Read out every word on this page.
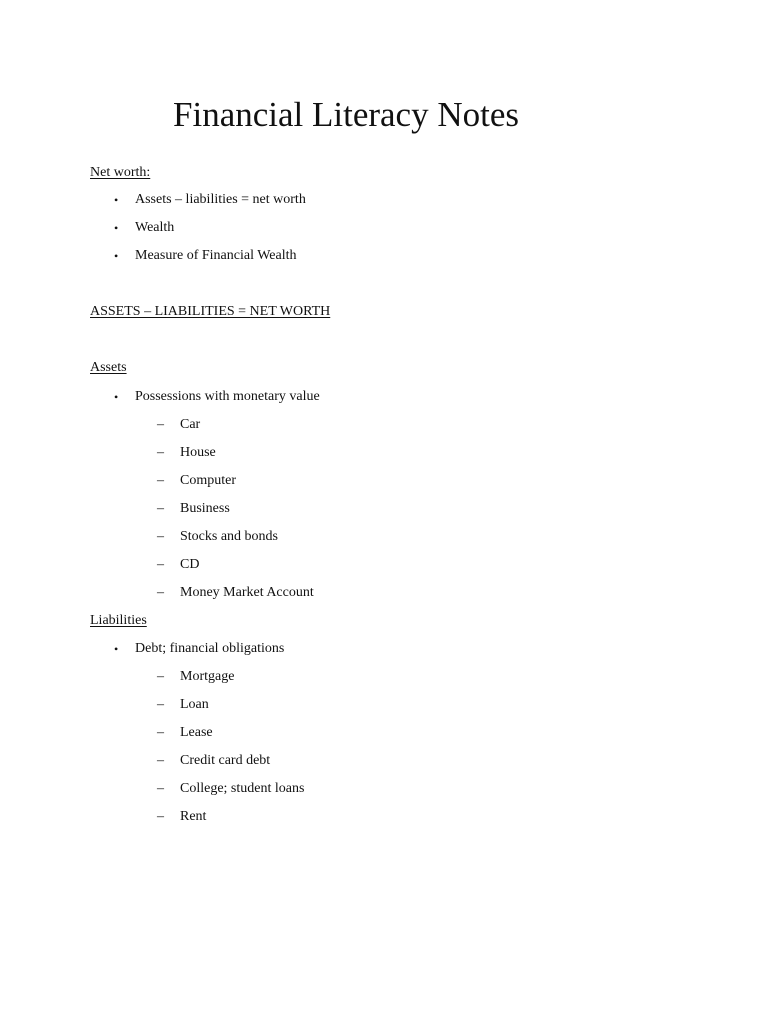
Financial Literacy Notes
Net worth:
• Assets – liabilities = net worth
• Wealth
• Measure of Financial Wealth
ASSETS – LIABILITIES = NET WORTH
Assets
• Possessions with monetary value
– Car
– House
– Computer
– Business
– Stocks and bonds
– CD
– Money Market Account
Liabilities
• Debt; financial obligations
– Mortgage
– Loan
– Lease
– Credit card debt
– College; student loans
– Rent
